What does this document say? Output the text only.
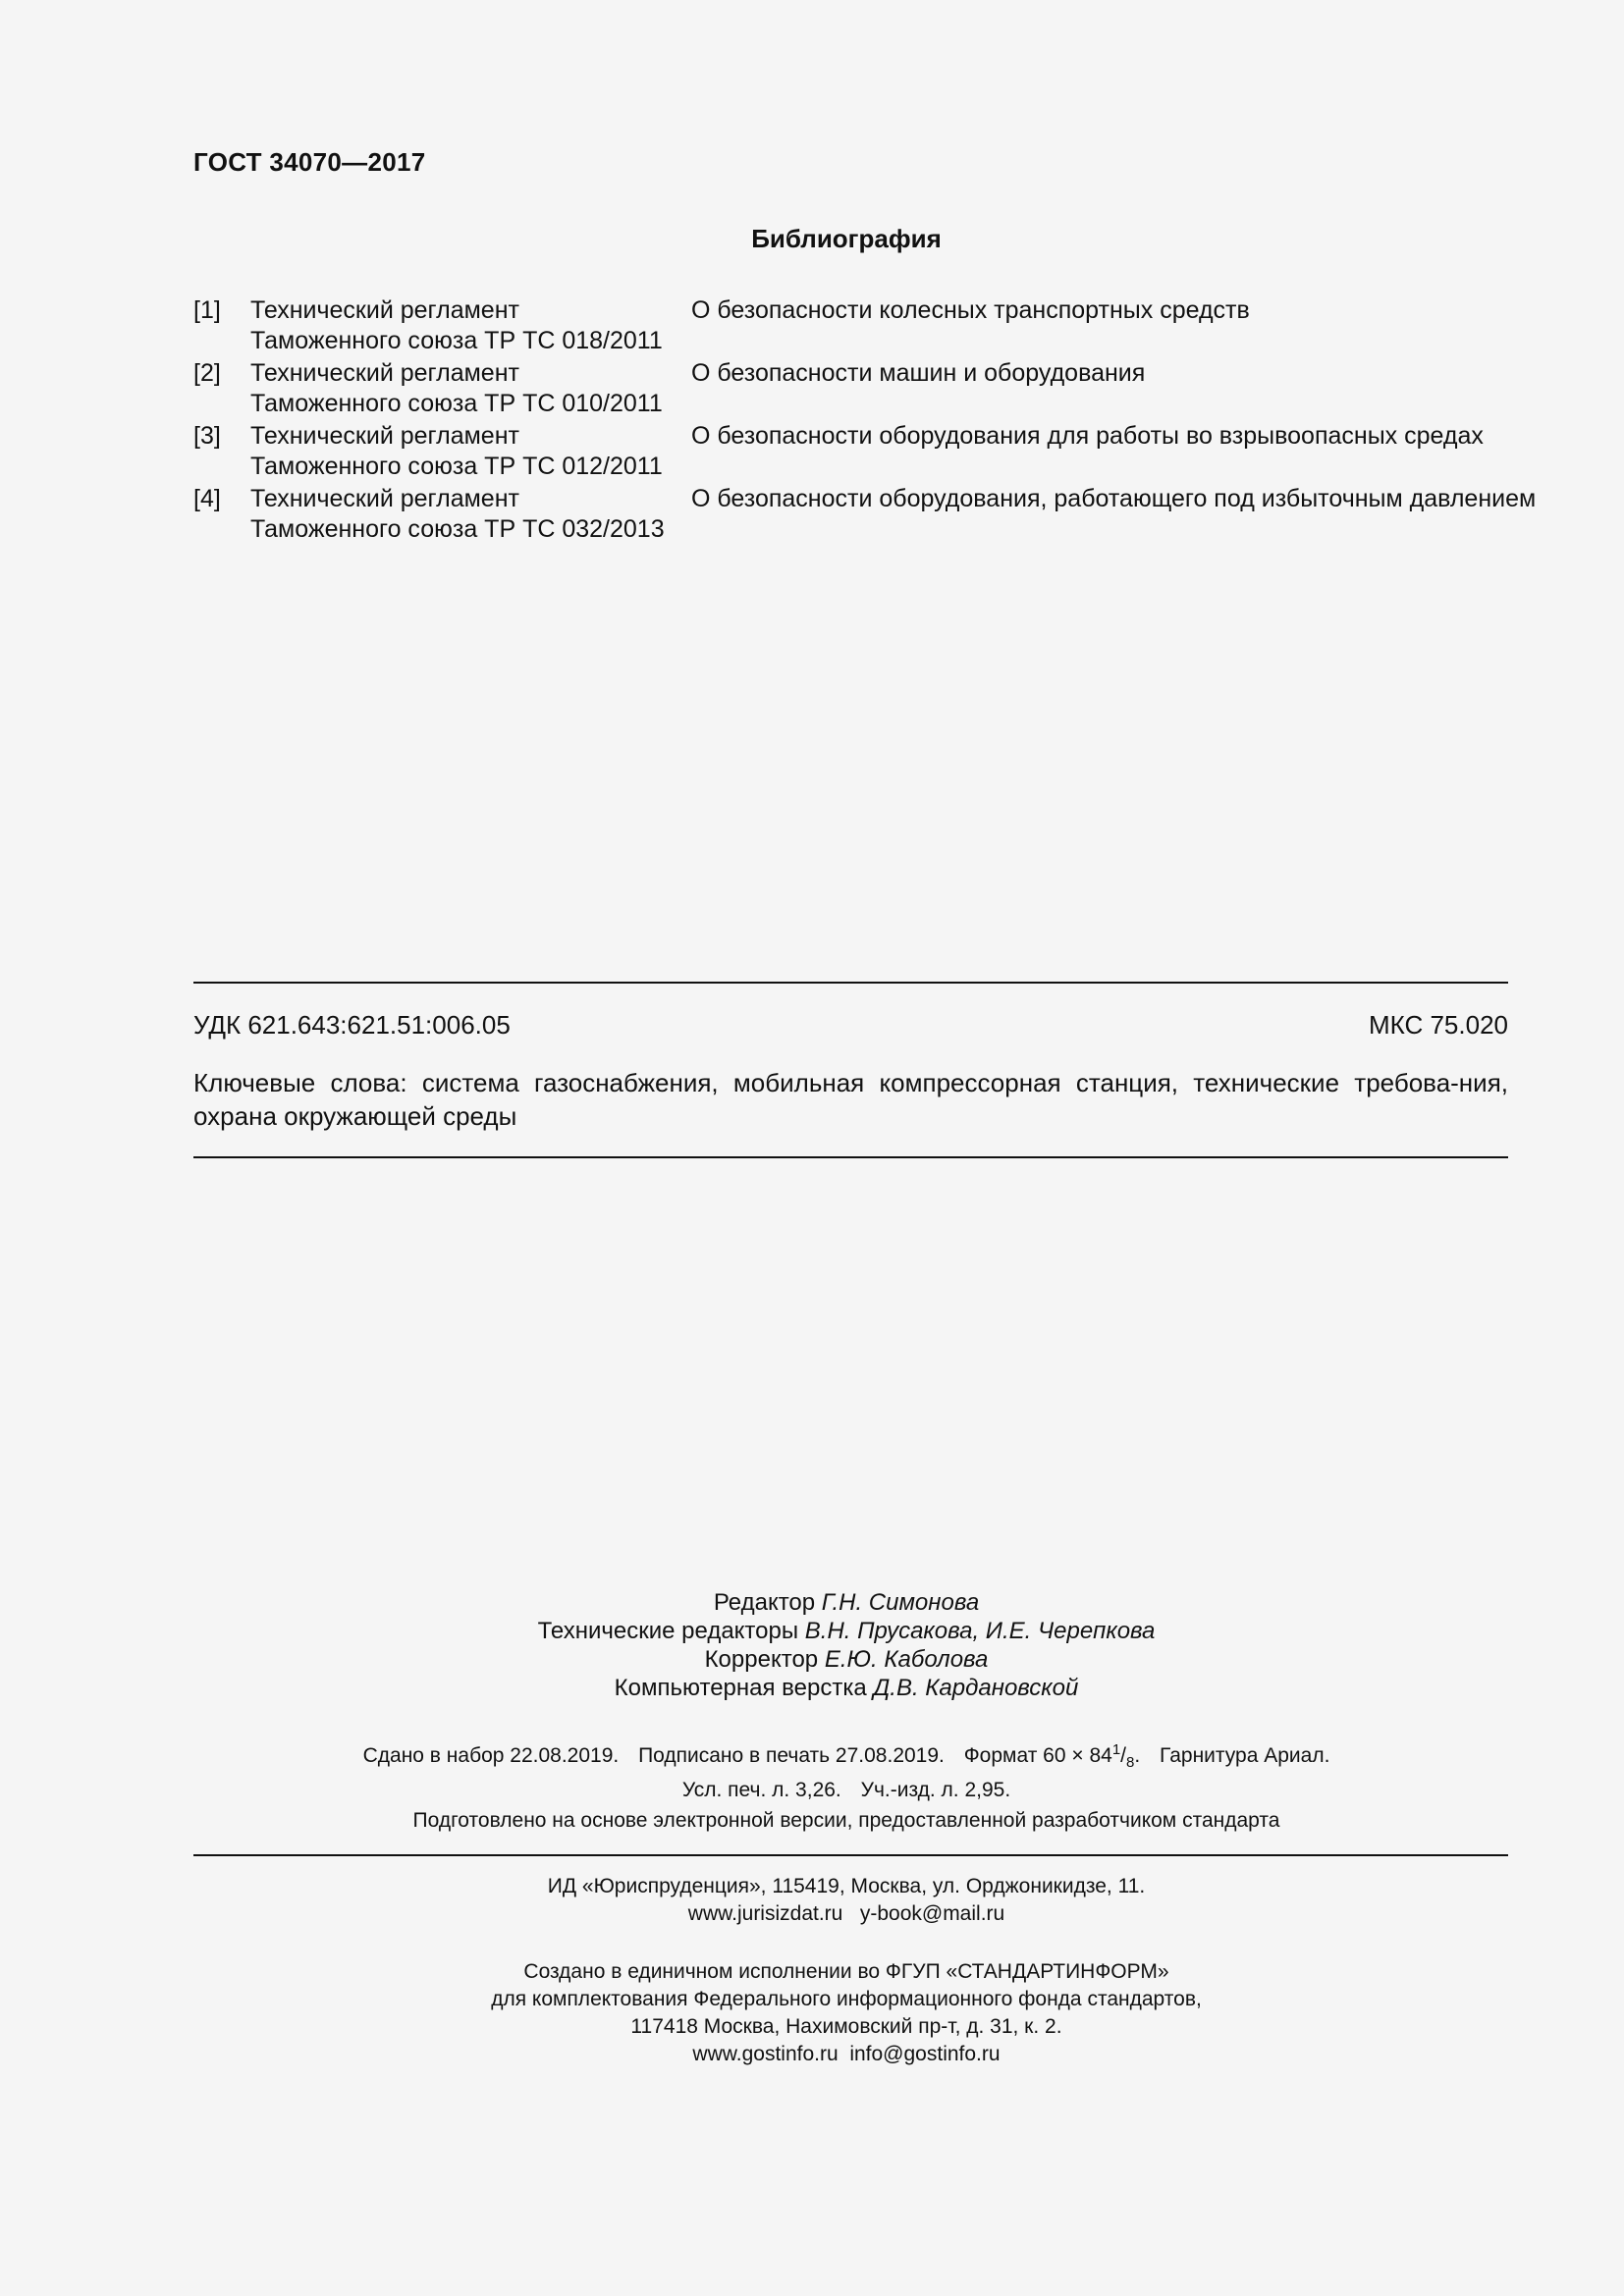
ГОСТ 34070—2017
Библиография
[1] Технический регламент
Таможенного союза ТР ТС 018/2011
О безопасности колесных транспортных средств
[2] Технический регламент
Таможенного союза ТР ТС 010/2011
О безопасности машин и оборудования
[3] Технический регламент
Таможенного союза ТР ТС 012/2011
О безопасности оборудования для работы во взрывоопасных средах
[4] Технический регламент
Таможенного союза ТР ТС 032/2013
О безопасности оборудования, работающего под избыточным давлением
УДК 621.643:621.51:006.05	МКС 75.020
Ключевые слова: система газоснабжения, мобильная компрессорная станция, технические требова-ния, охрана окружающей среды
Редактор Г.Н. Симонова
Технические редакторы В.Н. Прусакова, И.Е. Черепкова
Корректор Е.Ю. Каболова
Компьютерная верстка Д.В. Кардановской
Сдано в набор 22.08.2019. Подписано в печать 27.08.2019. Формат $60 \times 84^1/_8$. Гарнитура Ариал.
Усл. печ. л. 3,26. Уч.-изд. л. 2,95.
Подготовлено на основе электронной версии, предоставленной разработчиком стандарта
ИД «Юриспруденция», 115419, Москва, ул. Орджоникидзе, 11.
www.jurisizdat.ru   y-book@mail.ru
Создано в единичном исполнении во ФГУП «СТАНДАРТИНФОРМ»
для комплектования Федерального информационного фонда стандартов,
117418 Москва, Нахимовский пр-т, д. 31, к. 2.
www.gostinfo.ru  info@gostinfo.ru
